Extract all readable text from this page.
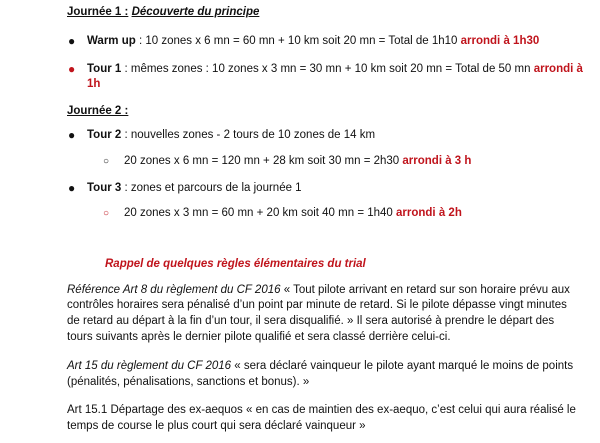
Journée 1 : Découverte du principe
● Warm up : 10 zones x 6 mn = 60 mn + 10 km soit 20 mn = Total de 1h10 arrondi à 1h30
● Tour 1 : mêmes zones : 10 zones x 3 mn = 30 mn + 10 km soit 20 mn = Total de 50 mn arrondi à
1h
Journée 2 :
● Tour 2 : nouvelles zones - 2 tours de 10 zones de 14 km
○ 20 zones x 6 mn = 120 mn + 28 km soit 30 mn = 2h30 arrondi à 3 h
● Tour 3 : zones et parcours de la journée 1
○ 20 zones x 3 mn = 60 mn + 20 km soit 40 mn = 1h40 arrondi à 2h
Rappel de quelques règles élémentaires du trial
Référence Art 8 du règlement du CF 2016 « Tout pilote arrivant en retard sur son horaire prévu aux
contrôles horaires sera pénalisé d’un point par minute de retard. Si le pilote dépasse vingt minutes
de retard au départ à la fin d’un tour, il sera disqualifié. » Il sera autorisé à prendre le départ des
tours suivants après le dernier pilote qualifié et sera classé derrière celui-ci.
Art 15 du règlement du CF 2016 « sera déclaré vainqueur le pilote ayant marqué le moins de points
(pénalités, pénalisations, sanctions et bonus). »
Art 15.1 Départage des ex-aequos « en cas de maintien des ex-aequo, c’est celui qui aura réalisé le
temps de course le plus court qui sera déclaré vainqueur »
